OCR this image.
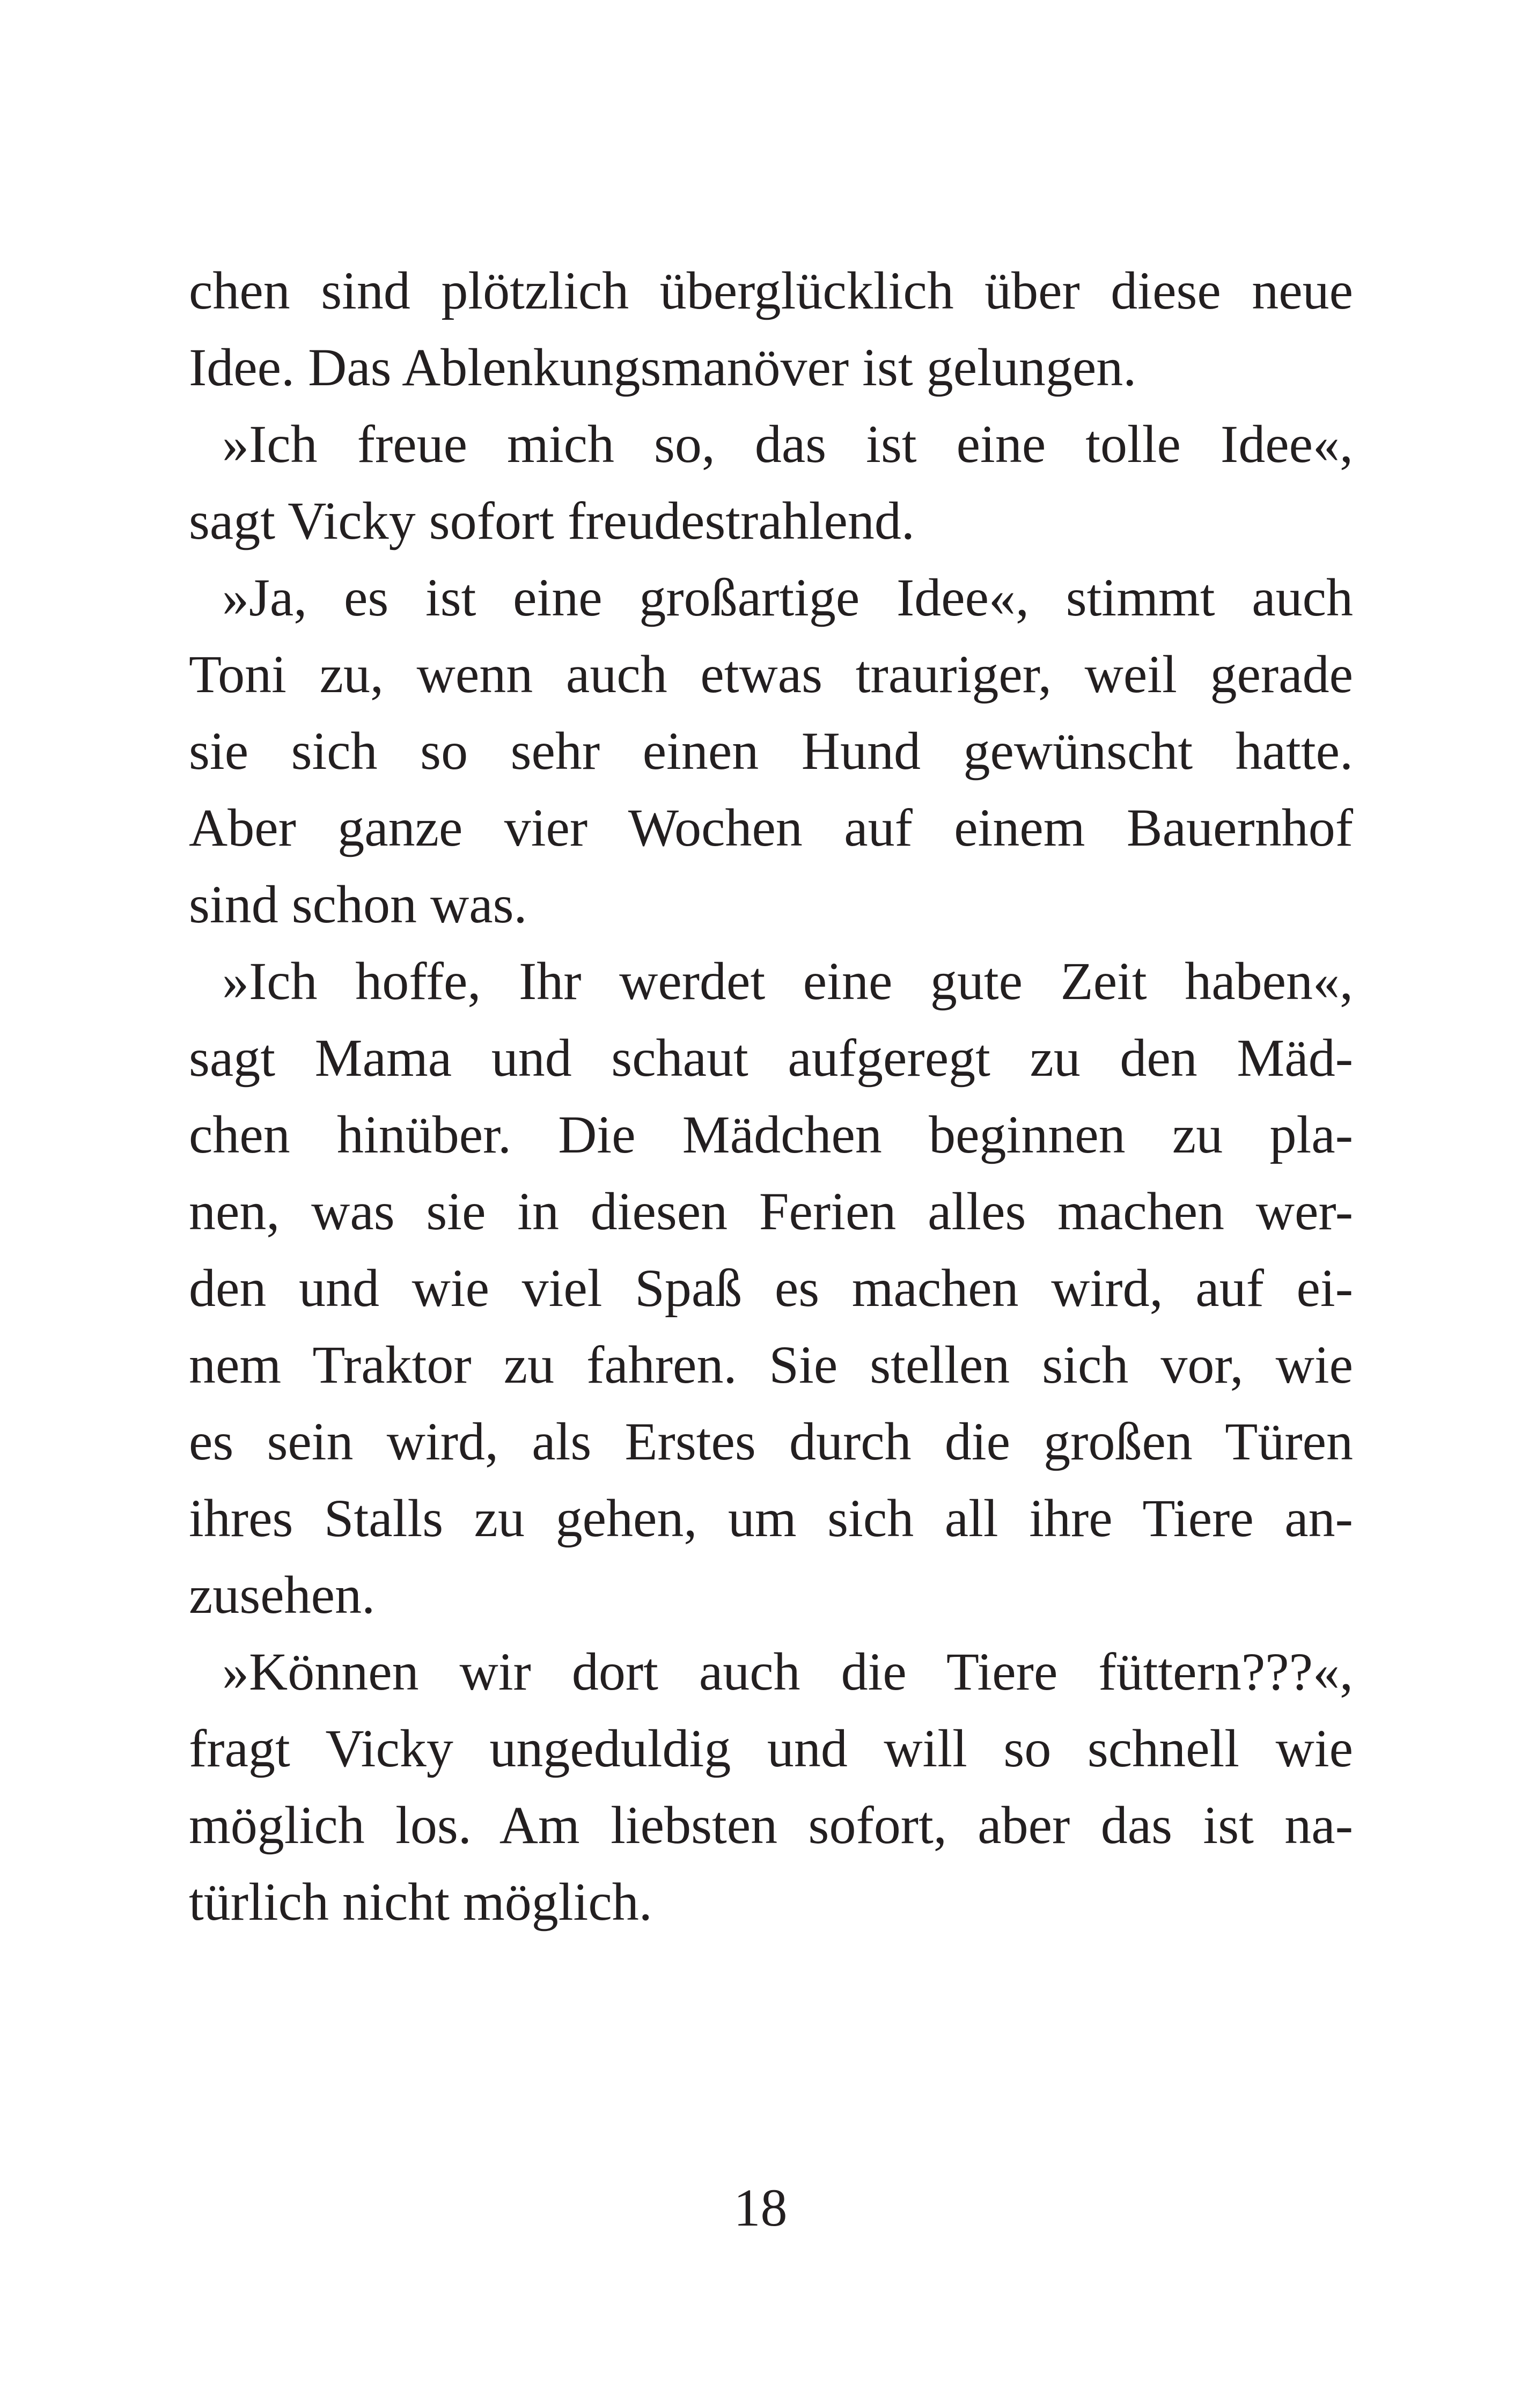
chen sind plötzlich überglücklich über diese neue
Idee. Das Ablenkungsmanöver ist gelungen.
»Ich freue mich so, das ist eine tolle Idee«,
sagt Vicky sofort freudestrahlend.
»Ja, es ist eine großartige Idee«, stimmt auch
Toni zu, wenn auch etwas trauriger, weil gerade
sie sich so sehr einen Hund gewünscht hatte.
Aber ganze vier Wochen auf einem Bauernhof
sind schon was.
»Ich hoffe, Ihr werdet eine gute Zeit haben«,
sagt Mama und schaut aufgeregt zu den Mäd-
chen hinüber. Die Mädchen beginnen zu pla-
nen, was sie in diesen Ferien alles machen wer-
den und wie viel Spaß es machen wird, auf ei-
nem Traktor zu fahren. Sie stellen sich vor, wie
es sein wird, als Erstes durch die großen Türen
ihres Stalls zu gehen, um sich all ihre Tiere an-
zusehen.
»Können wir dort auch die Tiere füttern???«,
fragt Vicky ungeduldig und will so schnell wie
möglich los. Am liebsten sofort, aber das ist na-
türlich nicht möglich.
18
